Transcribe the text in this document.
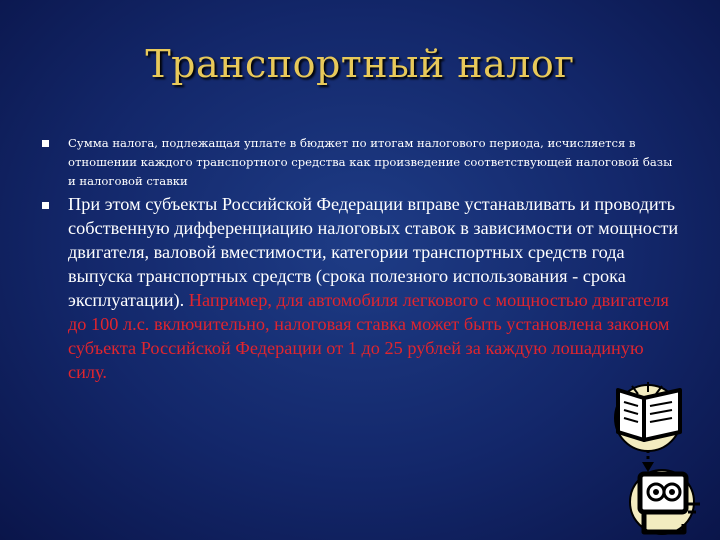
Транспортный налог
Сумма налога, подлежащая уплате в бюджет по итогам налогового периода, исчисляется в отношении каждого транспортного средства как произведение соответствующей налоговой базы и налоговой ставки
При этом субъекты Российской Федерации вправе устанавливать и проводить собственную дифференциацию налоговых ставок в зависимости от мощности двигателя, валовой вместимости, категории транспортных средств года выпуска транспортных средств (срока полезного использования - срока эксплуатации). Например, для автомобиля легкового с мощностью двигателя до 100 л.с. включительно, налоговая ставка может быть установлена законом субъекта Российской Федерации от 1 до 25 рублей за каждую лошадиную силу.
